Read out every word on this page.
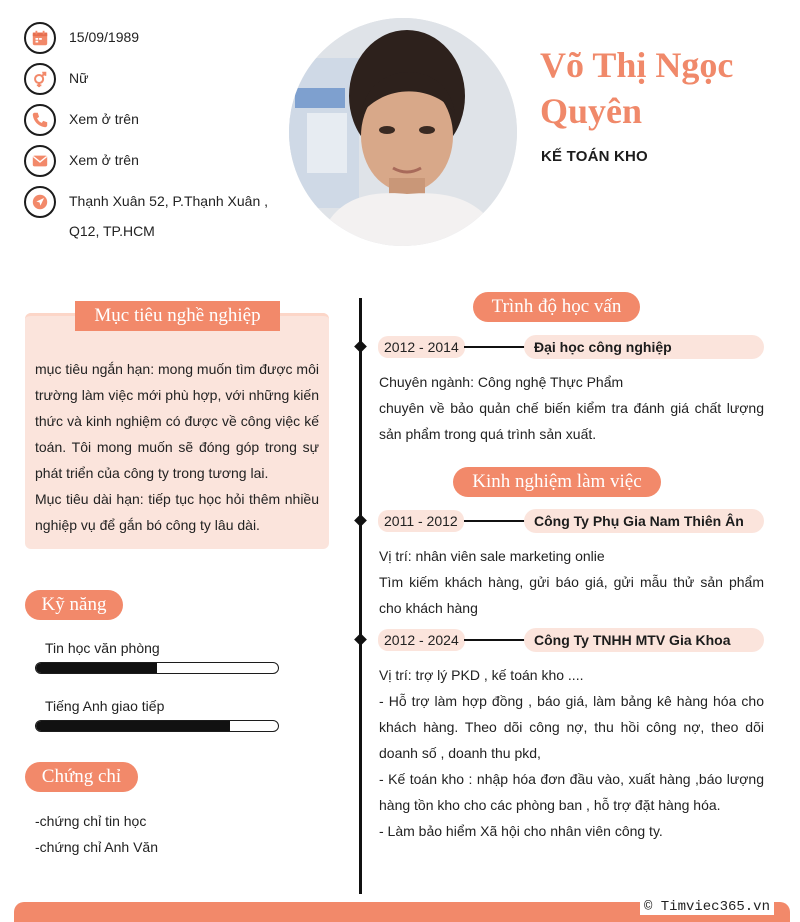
15/09/1989
Nữ
Xem ở trên
Xem ở trên
Thạnh Xuân 52, P.Thạnh Xuân , Q12, TP.HCM
Võ Thị Ngọc Quyên
KẾ TOÁN KHO
Mục tiêu nghề nghiệp
mục tiêu ngắn hạn: mong muốn tìm được môi trường làm việc mới phù hợp, với những kiến thức và kinh nghiệm có được về công việc kế toán. Tôi mong muốn sẽ đóng góp trong sự phát triển của công ty trong tương lai.
Mục tiêu dài hạn: tiếp tục học hỏi thêm nhiều nghiệp vụ để gắn bó công ty lâu dài.
Kỹ năng
Tin học văn phòng
Tiếng Anh giao tiếp
Chứng chỉ
-chứng chỉ tin học
-chứng chỉ Anh Văn
Trình độ học vấn
2012 - 2014	Đại học công nghiệp
Chuyên ngành: Công nghệ Thực Phẩm
chuyên về bảo quản chế biến kiểm tra đánh giá chất lượng sản phẩm trong quá trình sản xuất.
Kinh nghiệm làm việc
2011 - 2012	Công Ty Phụ Gia Nam Thiên Ân
Vị trí: nhân viên sale marketing onlie
Tìm kiếm khách hàng, gửi báo giá, gửi mẫu thử sản phẩm cho khách hàng
2012 - 2024	Công Ty TNHH MTV Gia Khoa
Vị trí: trợ lý PKD , kế toán kho ....
- Hỗ trợ làm hợp đồng , báo giá, làm bảng kê hàng hóa cho khách hàng. Theo dõi công nợ, thu hồi công nợ, theo dõi doanh số , doanh thu pkd,
- Kế toán kho : nhập hóa đơn đầu vào, xuất hàng ,báo lượng hàng tồn kho cho các phòng ban , hỗ trợ đặt hàng hóa.
- Làm bảo hiểm Xã hội cho nhân viên công ty.
© Timviec365.vn
